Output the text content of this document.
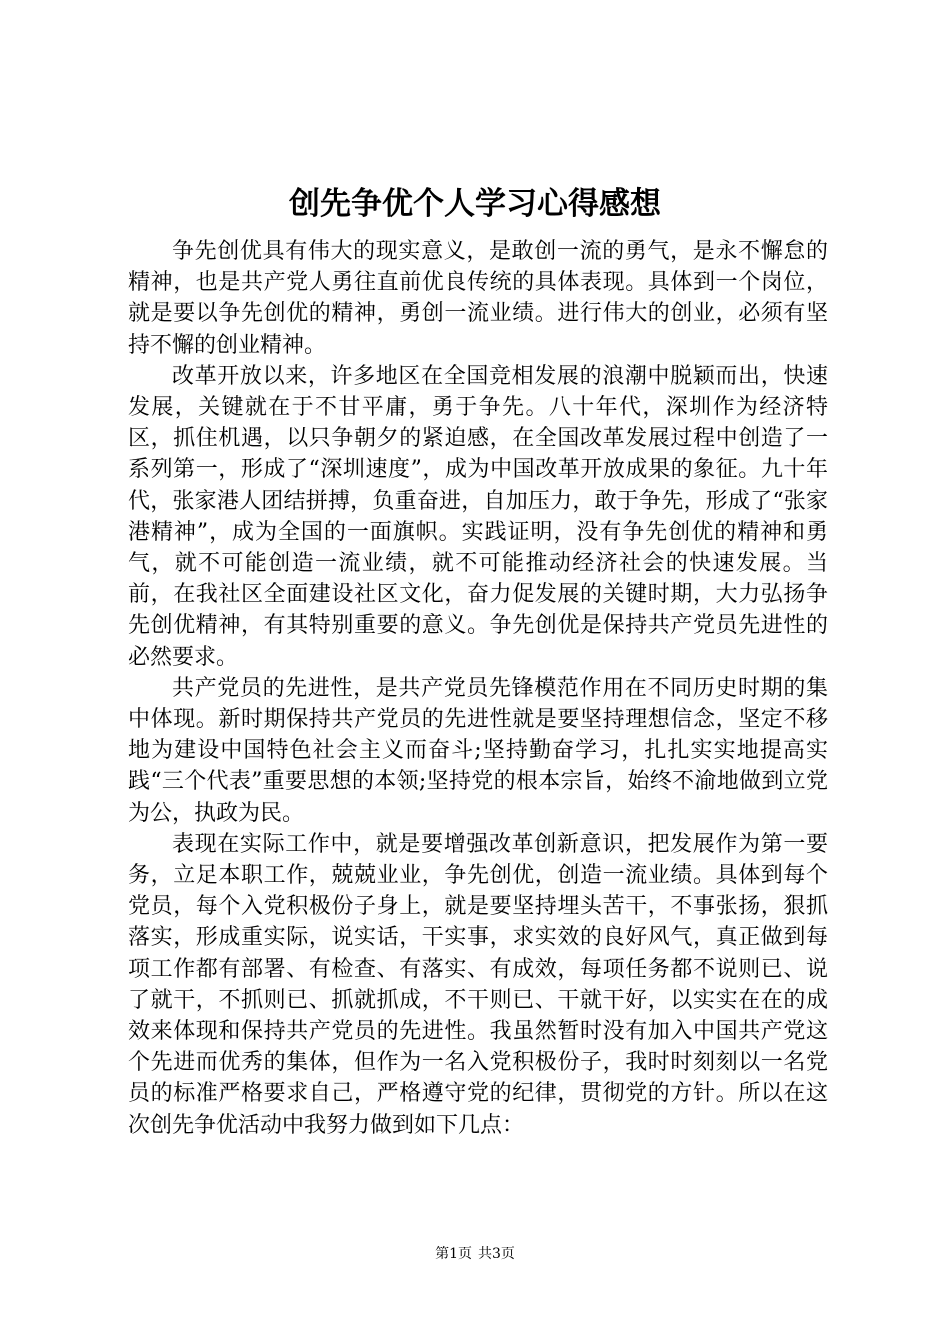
创先争优个人学习心得感想

争先创优具有伟大的现实意义，是敢创一流的勇气，是永不懈怠的精神，也是共产党人勇往直前优良传统的具体表现。具体到一个岗位，就是要以争先创优的精神，勇创一流业绩。进行伟大的创业，必须有坚持不懈的创业精神。

改革开放以来，许多地区在全国竞相发展的浪潮中脱颖而出，快速发展，关键就在于不甘平庸，勇于争先。八十年代，深圳作为经济特区，抓住机遇，以只争朝夕的紧迫感，在全国改革发展过程中创造了一系列第一，形成了“深圳速度”，成为中国改革开放成果的象征。九十年代，张家港人团结拼搏，负重奋进，自加压力，敢于争先，形成了“张家港精神”，成为全国的一面旗帜。实践证明，没有争先创优的精神和勇气，就不可能创造一流业绩，就不可能推动经济社会的快速发展。当前，在我社区全面建设社区文化，奋力促发展的关键时期，大力弘扬争先创优精神，有其特别重要的意义。争先创优是保持共产党员先进性的必然要求。

共产党员的先进性，是共产党员先锋模范作用在不同历史时期的集中体现。新时期保持共产党员的先进性就是要坚持理想信念，坚定不移地为建设中国特色社会主义而奋斗;坚持勤奋学习，扎扎实实地提高实践“三个代表”重要思想的本领;坚持党的根本宗旨，始终不渝地做到立党为公，执政为民。

表现在实际工作中，就是要增强改革创新意识，把发展作为第一要务，立足本职工作，兢兢业业，争先创优，创造一流业绩。具体到每个党员，每个入党积极份子身上，就是要坚持埋头苦干，不事张扬，狠抓落实，形成重实际，说实话，干实事，求实效的良好风气，真正做到每项工作都有部署、有检查、有落实、有成效，每项任务都不说则已、说了就干，不抓则已、抓就抓成，不干则已、干就干好，以实实在在的成效来体现和保持共产党员的先进性。我虽然暂时没有加入中国共产党这个先进而优秀的集体，但作为一名入党积极份子，我时时刻刻以一名党员的标准严格要求自己，严格遵守党的纪律，贯彻党的方针。所以在这次创先争优活动中我努力做到如下几点：

第1页 共3页
